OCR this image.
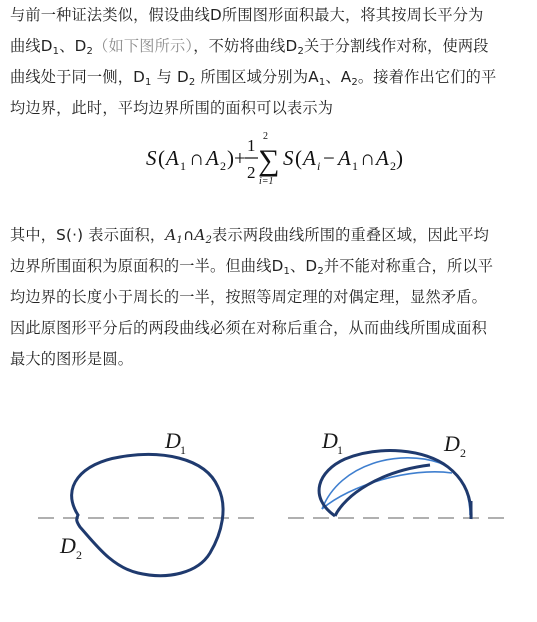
与前一种证法类似，假设曲线D所围图形面积最大，将其按周长平分为
曲线$D_1$、$D_2$（如下图所示），不妨将曲线$D_2$关于分割线作对称，使两段
曲线处于同一侧，$D_1$ 与 $D_2$ 所围区域分别为$A_1$、$A_2$。接着作出它们的平
均边界，此时，平均边界所围的面积可以表示为
S ( A 1 ∩ A 2 ) +
1
2
2
∑
i=1
S ( A i − A 1 ∩ A 2 )
其中，S(·) 表示面积，A1∩A2表示两段曲线所围的重叠区域，因此平均
边界所围面积为原面积的一半。但曲线$D_1$、$D_2$并不能对称重合，所以平
均边界的长度小于周长的一半，按照等周定理的对偶定理，显然矛盾。
因此原图形平分后的两段曲线必须在对称后重合，从而曲线所围成面积
最大的图形是圆。
D 1
D 2
D 1	D 2
